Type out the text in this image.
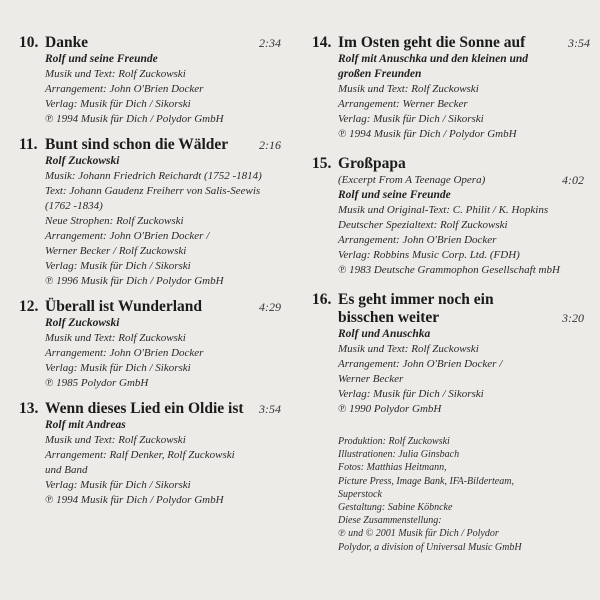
10. Danke	2:34
Rolf und seine Freunde
Musik und Text: Rolf Zuckowski
Arrangement: John O'Brien Docker
Verlag: Musik für Dich / Sikorski
℗ 1994 Musik für Dich / Polydor GmbH
11. Bunt sind schon die Wälder	2:16
Rolf Zuckowski
Musik: Johann Friedrich Reichardt (1752 -1814)
Text: Johann Gaudenz Freiherr von Salis-Seewis
(1762 -1834)
Neue Strophen: Rolf Zuckowski
Arrangement: John O'Brien Docker /
Werner Becker / Rolf Zuckowski
Verlag: Musik für Dich / Sikorski
℗ 1996 Musik für Dich / Polydor GmbH
12. Überall ist Wunderland	4:29
Rolf Zuckowski
Musik und Text: Rolf Zuckowski
Arrangement: John O'Brien Docker
Verlag: Musik für Dich / Sikorski
℗ 1985 Polydor GmbH
13. Wenn dieses Lied ein Oldie ist 3:54
Rolf mit Andreas
Musik und Text: Rolf Zuckowski
Arrangement: Ralf Denker, Rolf Zuckowski
und Band
Verlag: Musik für Dich / Sikorski
℗ 1994 Musik für Dich / Polydor GmbH
14. Im Osten geht die Sonne auf	3:54
Rolf mit Anuschka und den kleinen und
großen Freunden
Musik und Text: Rolf Zuckowski
Arrangement: Werner Becker
Verlag: Musik für Dich / Sikorski
℗ 1994 Musik für Dich / Polydor GmbH
15. Großpapa
(Excerpt From A Teenage Opera)	4:02
Rolf und seine Freunde
Musik und Original-Text: C. Philit / K. Hopkins
Deutscher Spezialtext: Rolf Zuckowski
Arrangement: John O'Brien Docker
Verlag: Robbins Music Corp. Ltd. (FDH)
℗ 1983 Deutsche Grammophon Gesellschaft mbH
16. Es geht immer noch ein
bisschen weiter	3:20
Rolf und Anuschka
Musik und Text: Rolf Zuckowski
Arrangement: John O'Brien Docker /
Werner Becker
Verlag: Musik für Dich / Sikorski
℗ 1990 Polydor GmbH
Produktion: Rolf Zuckowski
Illustrationen: Julia Ginsbach
Fotos: Matthias Heitmann,
Picture Press, Image Bank, IFA-Bilderteam,
Superstock
Gestaltung: Sabine Köbncke
Diese Zusammenstellung:
℗ und © 2001 Musik für Dich / Polydor
Polydor, a division of Universal Music GmbH
